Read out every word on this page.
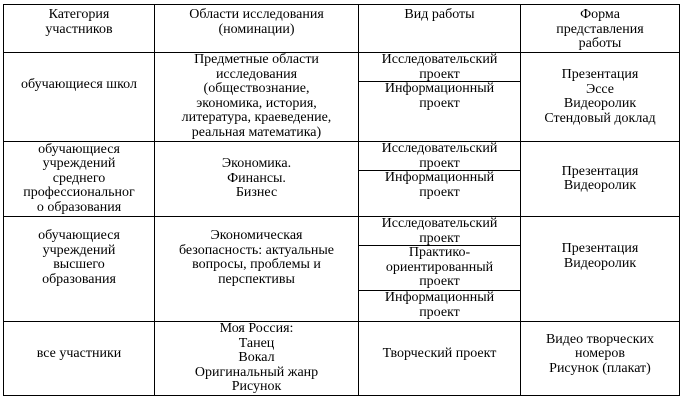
Категория
участников
Области исследования
(номинации)
Вид работы	Форма
представления
работы
обучающиеся школ
Предметные области
исследования
(обществознание,
экономика, история,
литература, краеведение,
реальная математика)
Исследовательский
проект
Информационный
проект
Презентация
Эссе
Видеоролик
Стендовый доклад
обучающиеся
учреждений
среднего
профессиональног
о образования
Экономика.
Финансы.
Бизнес
Исследовательский
проект
Информационный
проект
Презентация
Видеоролик
обучающиеся
учреждений
высшего
образования
Экономическая
безопасность: актуальные
вопросы, проблемы и
перспективы
Исследовательский
проект
Практико-
ориентированный
проект
Информационный
проект
Презентация
Видеоролик
все участники
Моя Россия:
Танец
Вокал
Оригинальный жанр
Рисунок
Творческий проект
Видео творческих
номеров
Рисунок (плакат)
